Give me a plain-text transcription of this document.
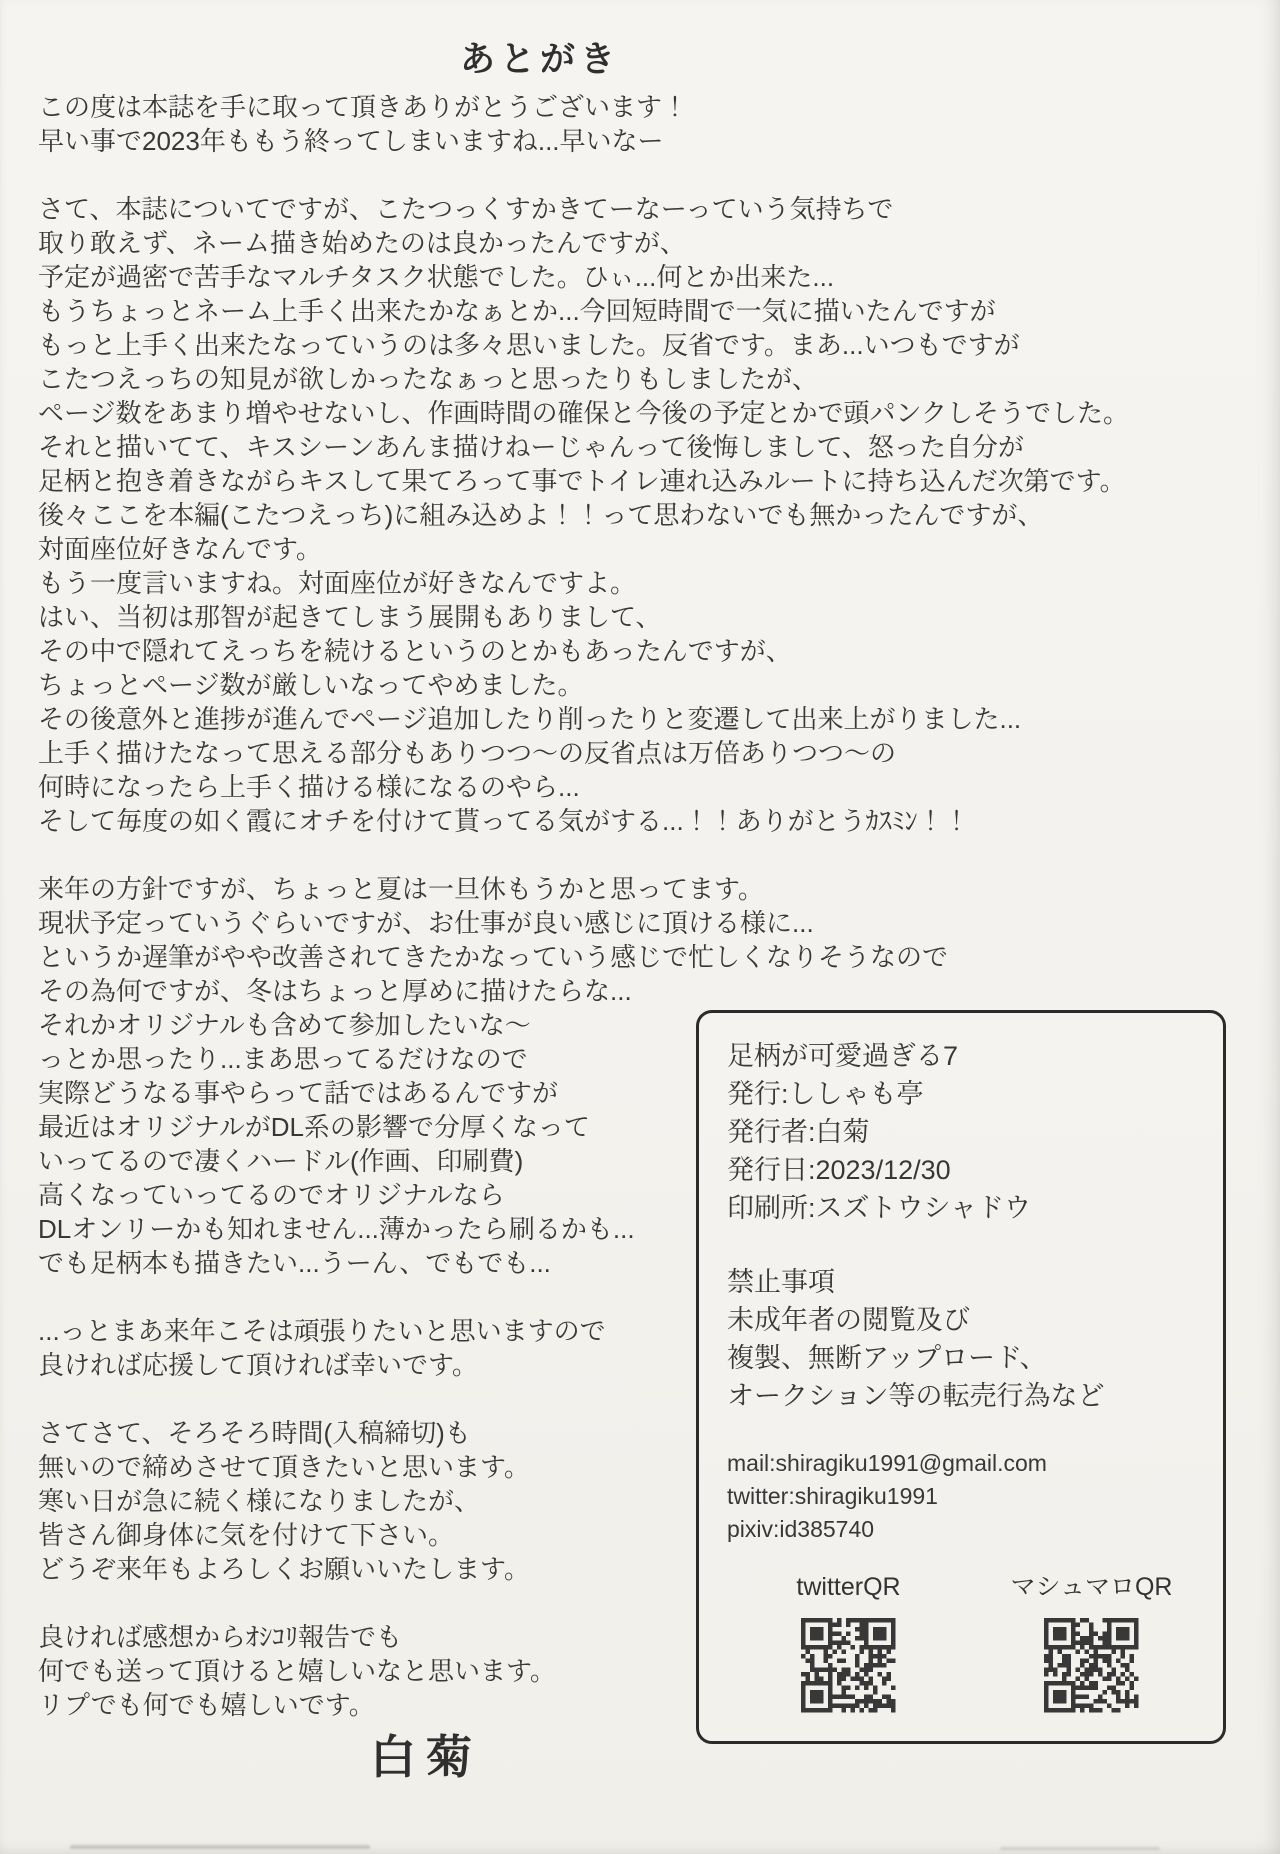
あとがき
この度は本誌を手に取って頂きありがとうございます！
早い事で2023年ももう終ってしまいますね...早いなー
さて、本誌についてですが、こたつっくすかきてーなーっていう気持ちで
取り敢えず、ネーム描き始めたのは良かったんですが、
予定が過密で苦手なマルチタスク状態でした。ひぃ...何とか出来た...
もうちょっとネーム上手く出来たかなぁとか...今回短時間で一気に描いたんですが
もっと上手く出来たなっていうのは多々思いました。反省です。まあ...いつもですが
こたつえっちの知見が欲しかったなぁっと思ったりもしましたが、
ページ数をあまり増やせないし、作画時間の確保と今後の予定とかで頭パンクしそうでした。
それと描いてて、キスシーンあんま描けねーじゃんって後悔しまして、怒った自分が
足柄と抱き着きながらキスして果てろって事でトイレ連れ込みルートに持ち込んだ次第です。
後々ここを本編(こたつえっち)に組み込めよ！！って思わないでも無かったんですが、
対面座位好きなんです。
もう一度言いますね。対面座位が好きなんですよ。
はい、当初は那智が起きてしまう展開もありまして、
その中で隠れてえっちを続けるというのとかもあったんですが、
ちょっとページ数が厳しいなってやめました。
その後意外と進捗が進んでページ追加したり削ったりと変遷して出来上がりました...
上手く描けたなって思える部分もありつつ〜の反省点は万倍ありつつ〜の
何時になったら上手く描ける様になるのやら...
そして毎度の如く霞にオチを付けて貰ってる気がする...！！ありがとうｶｽﾐﾝ！！
来年の方針ですが、ちょっと夏は一旦休もうかと思ってます。
現状予定っていうぐらいですが、お仕事が良い感じに頂ける様に...
というか遅筆がやや改善されてきたかなっていう感じで忙しくなりそうなので
その為何ですが、冬はちょっと厚めに描けたらな...
足柄が可愛過ぎる7
発行:ししゃも亭
発行者:白菊
発行日:2023/12/30
印刷所:スズトウシャドウ
禁止事項
未成年者の閲覧及び
複製、無断アップロード、
オークション等の転売行為など
mail:shiragiku1991@gmail.com
twitter:shiragiku1991
pixiv:id385740
twitterQR	マシュマロQR
それかオリジナルも含めて参加したいな〜
っとか思ったり...まあ思ってるだけなので
実際どうなる事やらって話ではあるんですが
最近はオリジナルがDL系の影響で分厚くなって
いってるので凄くハードル(作画、印刷費)
高くなっていってるのでオリジナルなら
DLオンリーかも知れません...薄かったら刷るかも...
でも足柄本も描きたい...うーん、でもでも...
...っとまあ来年こそは頑張りたいと思いますので
良ければ応援して頂ければ幸いです。
さてさて、そろそろ時間(入稿締切)も
無いので締めさせて頂きたいと思います。
寒い日が急に続く様になりましたが、
皆さん御身体に気を付けて下さい。
どうぞ来年もよろしくお願いいたします。
良ければ感想からｵｼｺﾘ報告でも
何でも送って頂けると嬉しいなと思います。
リプでも何でも嬉しいです。
白菊
